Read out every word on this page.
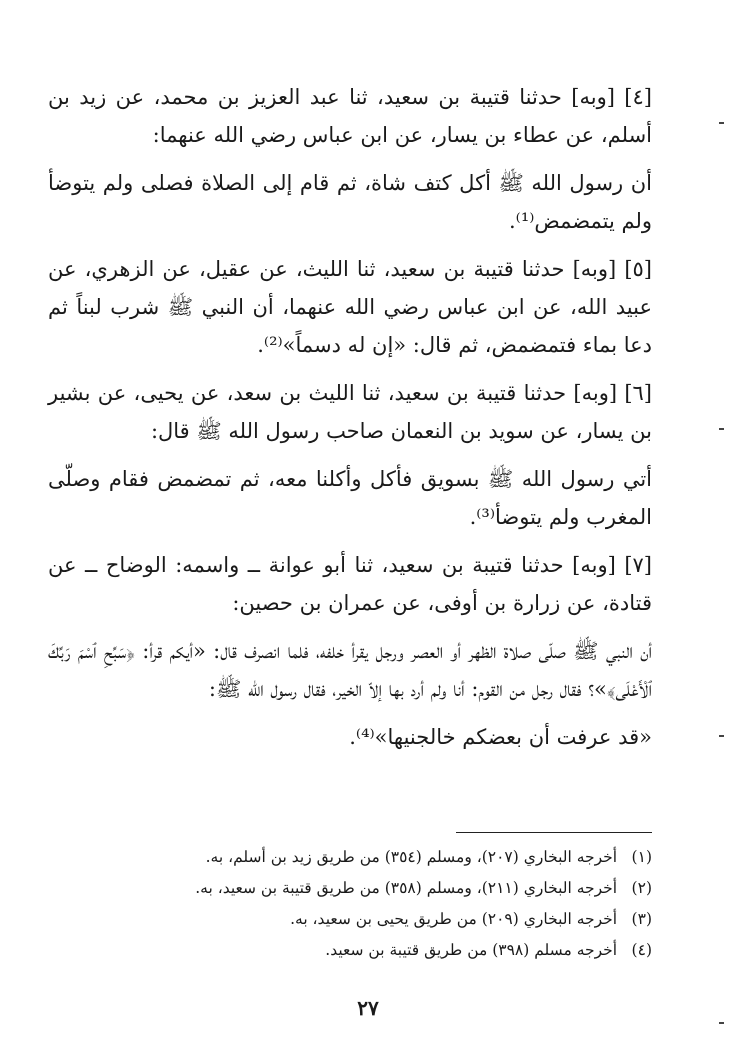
[٤] [وبه] حدثنا قتيبة بن سعيد، ثنا عبد العزيز بن محمد، عن زيد بن أسلم، عن عطاء بن يسار، عن ابن عباس رضي الله عنهما:

أن رسول الله ﷺ أكل كتف شاة، ثم قام إلى الصلاة فصلى ولم يتوضأ ولم يتمضمض⁽¹⁾.

[٥] [وبه] حدثنا قتيبة بن سعيد، ثنا الليث، عن عقيل، عن الزهري، عن عبيد الله، عن ابن عباس رضي الله عنهما، أن النبي ﷺ شرب لبناً ثم دعا بماء فتمضمض، ثم قال: «إن له دسماً»⁽²⁾.

[٦] [وبه] حدثنا قتيبة بن سعيد، ثنا الليث بن سعد، عن يحيى، عن بشير بن يسار، عن سويد بن النعمان صاحب رسول الله ﷺ قال:

أتي رسول الله ﷺ بسويق فأكل وأكلنا معه، ثم تمضمض فقام وصلّى المغرب ولم يتوضأ⁽³⁾.

[٧] [وبه] حدثنا قتيبة بن سعيد، ثنا أبو عوانة ــ واسمه: الوضاح ــ عن قتادة، عن زرارة بن أوفى، عن عمران بن حصين:

أن النبي ﷺ صلّى صلاة الظهر أو العصر ورجل يقرأ خلفه، فلما انصرف قال: «أيكم قرأ: ﴿سَبِّحِ ٱسْمَ رَبِّكَ ٱلْأَعْلَى﴾»؟ فقال رجل من القوم: أنا ولم أرد بها إلاّ الخير، فقال رسول الله ﷺ:

«قد عرفت أن بعضكم خالجنيها»⁽⁴⁾.

(١) أخرجه البخاري (٢٠٧)، ومسلم (٣٥٤) من طريق زيد بن أسلم، به.
(٢) أخرجه البخاري (٢١١)، ومسلم (٣٥٨) من طريق قتيبة بن سعيد، به.
(٣) أخرجه البخاري (٢٠٩) من طريق يحيى بن سعيد، به.
(٤) أخرجه مسلم (٣٩٨) من طريق قتيبة بن سعيد.
٢٧
